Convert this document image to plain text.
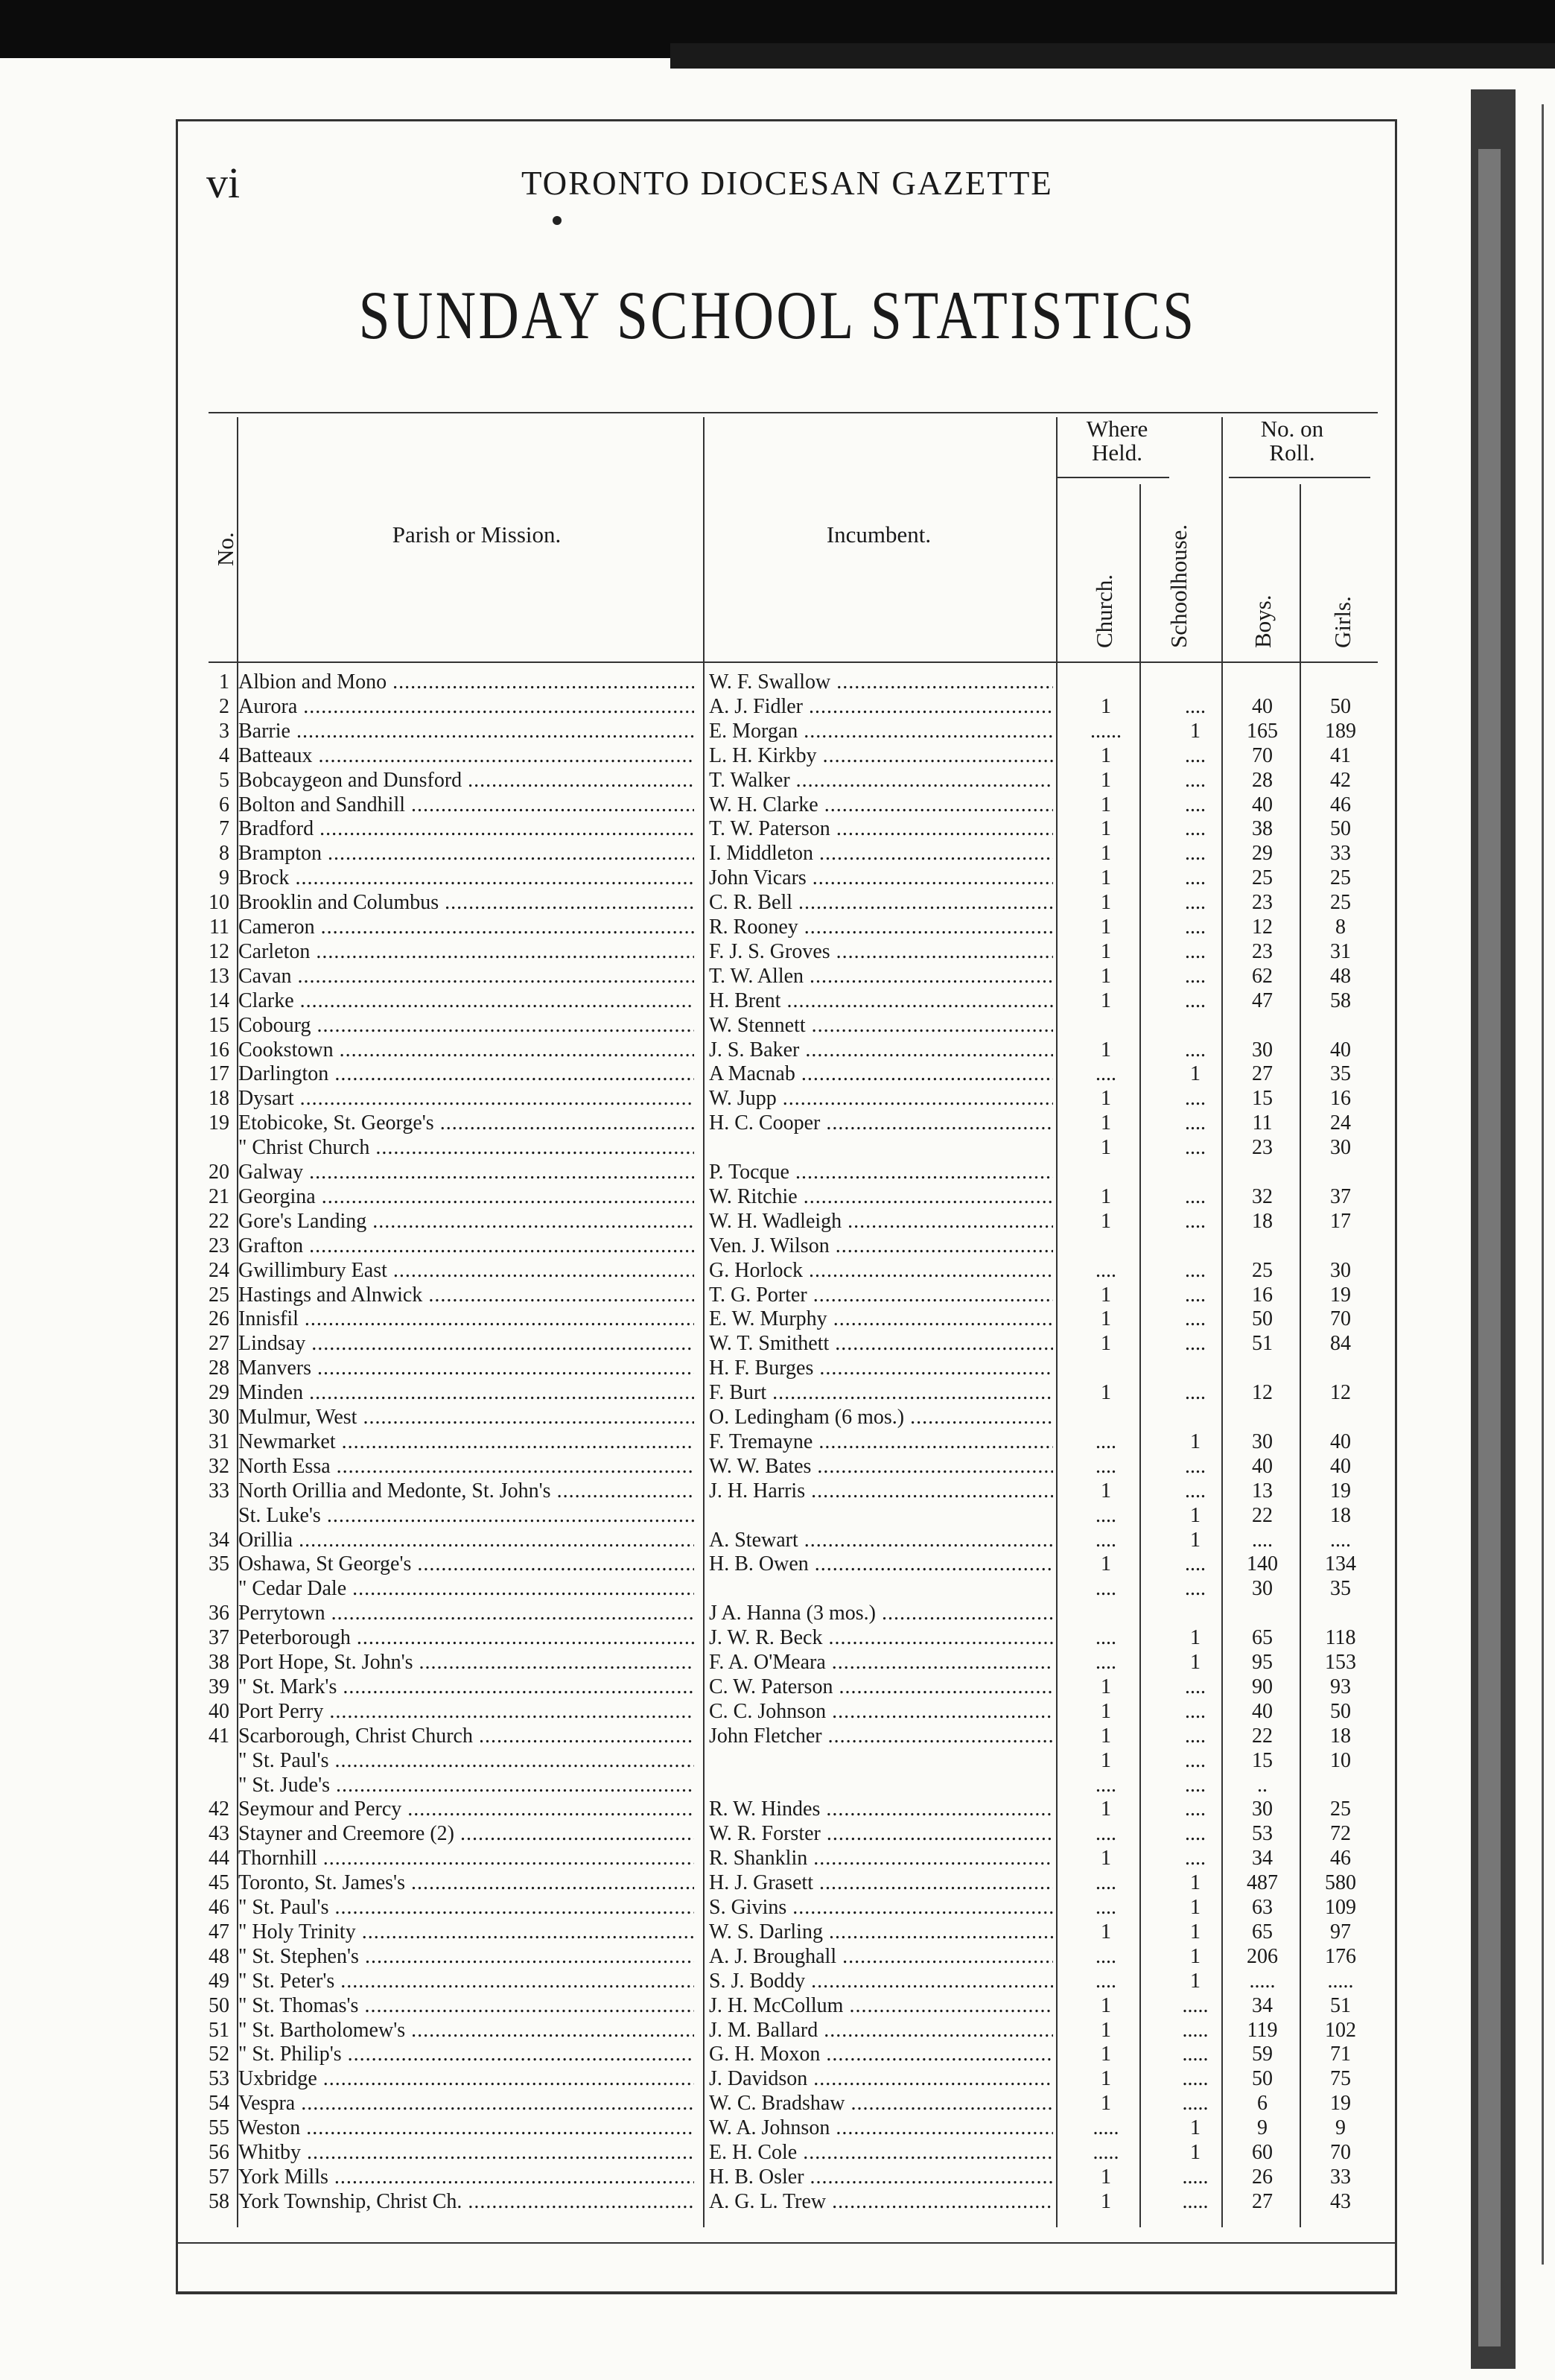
vi	TORONTO DIOCESAN GAZETTE
SUNDAY SCHOOL STATISTICS
No.	Parish or Mission.	Incumbent.
Where Held.
No. on Roll.
Church. Schoolhouse.	Boys. Girls.
1 Albion and Mono .....	W. F. Swallow .....
2 Aurora .....	A. J. Fidler .....	1	....	40	50
3 Barrie .....	E. Morgan .....	......	1	165	189
4 Batteaux .....	L. H. Kirkby .....	1	....	70	41
5 Bobcaygeon and Dunsford .....	T. Walker .....	1	....	28	42
6 Bolton and Sandhill .....	W. H. Clarke .....	1	....	40	46
7 Bradford .....	T. W. Paterson .....	1	....	38	50
8 Brampton .....	I. Middleton .....	1	....	29	33
9 Brock .....	John Vicars .....	1	....	25	25
10 Brooklin and Columbus .....	C. R. Bell .....	1	....	23	25
11 Cameron .....	R. Rooney .....	1	....	12	8
12 Carleton .....	F. J. S. Groves .....	1	....	23	31
13 Cavan .....	T. W. Allen .....	1	....	62	48
14 Clarke .....	H. Brent .....	1	....	47	58
15 Cobourg .....	W. Stennett .....
16 Cookstown .....	J. S. Baker .....	1	....	30	40
17 Darlington .....	A Macnab .....	....	1	27	35
18 Dysart .....	W. Jupp .....	1	....	15	16
19 Etobicoke, St. George's .....	H. C. Cooper .....	1	....	11	24
" Christ Church .....	1	....	23	30
20 Galway .....	P. Tocque .....
21 Georgina .....	W. Ritchie .....	1	....	32	37
22 Gore's Landing .....	W. H. Wadleigh .....	1	....	18	17
23 Grafton .....	Ven. J. Wilson .....
24 Gwillimbury East .....	G. Horlock .....	....	....	25	30
25 Hastings and Alnwick .....	T. G. Porter .....	1	....	16	19
26 Innisfil .....	E. W. Murphy .....	1	....	50	70
27 Lindsay .....	W. T. Smithett .....	1	....	51	84
28 Manvers .....	H. F. Burges .....
29 Minden .....	F. Burt .....	1	....	12	12
30 Mulmur, West .....	O. Ledingham (6 mos.) .....
31 Newmarket .....	F. Tremayne .....	....	1	30	40
32 North Essa .....	W. W. Bates .....	....	....	40	40
33 North Orillia and Medonte, St. John's .....	J. H. Harris .....	1	....	13	19
St. Luke's .....	....	1	22	18
34 Orillia .....	A. Stewart .....	....	1	....	....
35 Oshawa, St George's .....	H. B. Owen .....	1	....	140	134
" Cedar Dale .....	....	....	30	35
36 Perrytown .....	J A. Hanna (3 mos.) .....
37 Peterborough .....	J. W. R. Beck .....	....	1	65	118
38 Port Hope, St. John's .....	F. A. O'Meara .....	....	1	95	153
39 " St. Mark's .....	C. W. Paterson .....	1	....	90	93
40 Port Perry .....	C. C. Johnson .....	1	....	40	50
41 Scarborough, Christ Church .....	John Fletcher .....	1	....	22	18
" St. Paul's .....	1	....	15	10
" St. Jude's .....	....	....	..
42 Seymour and Percy .....	R. W. Hindes .....	1	....	30	25
43 Stayner and Creemore (2) .....	W. R. Forster .....	....	....	53	72
44 Thornhill .....	R. Shanklin .....	1	....	34	46
45 Toronto, St. James's .....	H. J. Grasett .....	....	1	487	580
46 " St. Paul's .....	S. Givins .....	....	1	63	109
47 " Holy Trinity .....	W. S. Darling .....	1	1	65	97
48 " St. Stephen's .....	A. J. Broughall .....	....	1	206	176
49 " St. Peter's .....	S. J. Boddy .....	....	1	.....	.....
50 " St. Thomas's .....	J. H. McCollum .....	1	.....	34	51
51 " St. Bartholomew's .....	J. M. Ballard .....	1	.....	119	102
52 " St. Philip's .....	G. H. Moxon .....	1	.....	59	71
53 Uxbridge .....	J. Davidson .....	1	.....	50	75
54 Vespra .....	W. C. Bradshaw .....	1	.....	6	19
55 Weston .....	W. A. Johnson .....	.....	1	9	9
56 Whitby .....	E. H. Cole .....	.....	1	60	70
57 York Mills .....	H. B. Osler .....	1	.....	26	33
58 York Township, Christ Ch. .....	A. G. L. Trew .....	1	.....	27	43
